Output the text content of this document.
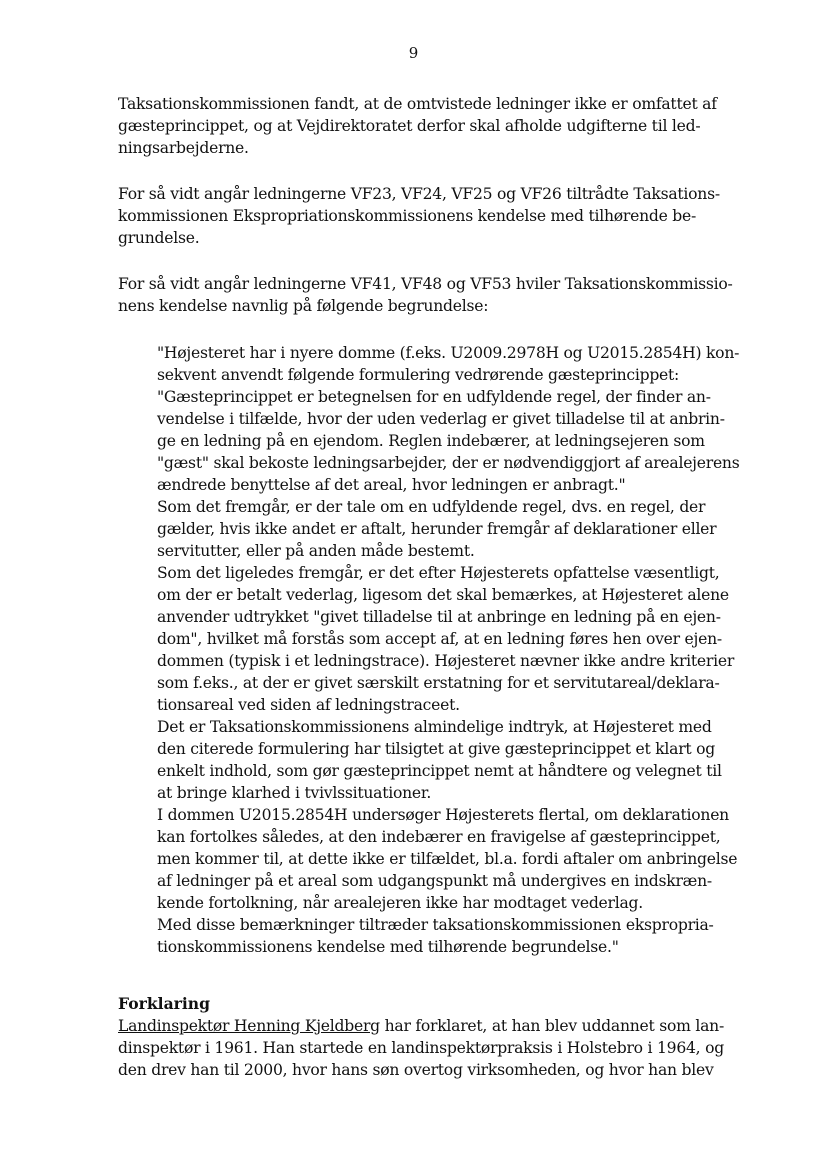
9
Taksationskommissionen fandt, at de omtvistede ledninger ikke er omfattet af
gæsteprincippet, og at Vejdirektoratet derfor skal afholde udgifterne til led-
ningsarbejderne.
For så vidt angår ledningerne VF23, VF24, VF25 og VF26 tiltrådte Taksations-
kommissionen Ekspropriationskommissionens kendelse med tilhørende be-
grundelse.
For så vidt angår ledningerne VF41, VF48 og VF53 hviler Taksationskommissio-
nens kendelse navnlig på følgende begrundelse:
"Højesteret har i nyere domme (f.eks. U2009.2978H og U2015.2854H) kon-
sekvent anvendt følgende formulering vedrørende gæsteprincippet:
"Gæsteprincippet er betegnelsen for en udfyldende regel, der finder an-
vendelse i tilfælde, hvor der uden vederlag er givet tilladelse til at anbrin-
ge en ledning på en ejendom. Reglen indebærer, at ledningsejeren som
"gæst" skal bekoste ledningsarbejder, der er nødvendiggjort af arealejerens
ændrede benyttelse af det areal, hvor ledningen er anbragt."
Som det fremgår, er der tale om en udfyldende regel, dvs. en regel, der
gælder, hvis ikke andet er aftalt, herunder fremgår af deklarationer eller
servitutter, eller på anden måde bestemt.
Som det ligeledes fremgår, er det efter Højesterets opfattelse væsentligt,
om der er betalt vederlag, ligesom det skal bemærkes, at Højesteret alene
anvender udtrykket "givet tilladelse til at anbringe en ledning på en ejen-
dom", hvilket må forstås som accept af, at en ledning føres hen over ejen-
dommen (typisk i et ledningstrace). Højesteret nævner ikke andre kriterier
som f.eks., at der er givet særskilt erstatning for et servitutareal/deklara-
tionsareal ved siden af ledningstraceet.
Det er Taksationskommissionens almindelige indtryk, at Højesteret med
den citerede formulering har tilsigtet at give gæsteprincippet et klart og
enkelt indhold, som gør gæsteprincippet nemt at håndtere og velegnet til
at bringe klarhed i tvivlssituationer.
I dommen U2015.2854H undersøger Højesterets flertal, om deklarationen
kan fortolkes således, at den indebærer en fravigelse af gæsteprincippet,
men kommer til, at dette ikke er tilfældet, bl.a. fordi aftaler om anbringelse
af ledninger på et areal som udgangspunkt må undergives en indskræn-
kende fortolkning, når arealejeren ikke har modtaget vederlag.
Med disse bemærkninger tiltræder taksationskommissionen ekspropria-
tionskommissionens kendelse med tilhørende begrundelse."
Forklaring
Landinspektør Henning Kjeldberg har forklaret, at han blev uddannet som lan-
dinspektør i 1961. Han startede en landinspektørpraksis i Holstebro i 1964, og
den drev han til 2000, hvor hans søn overtog virksomheden, og hvor han blev
